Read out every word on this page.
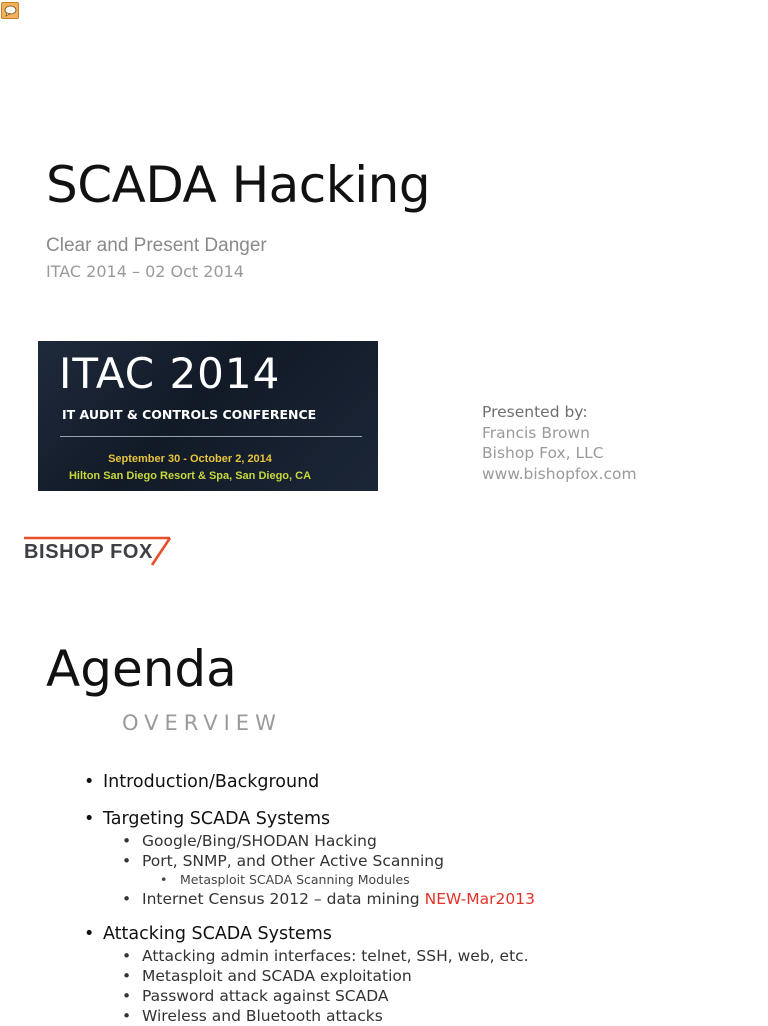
SCADA Hacking

Clear and Present Danger

ITAC 2014 – 02 Oct 2014

ITAC 2014
IT AUDIT & CONTROLS CONFERENCE
September 30 - October 2, 2014
Hilton San Diego Resort & Spa, San Diego, CA
Presented by:
Francis Brown
Bishop Fox, LLC
www.bishopfox.com
BISHOP FOX
Agenda

OVERVIEW

• Introduction/Background
• Targeting SCADA Systems
• Google/Bing/SHODAN Hacking
• Port, SNMP, and Other Active Scanning
• Metasploit SCADA Scanning Modules
• Internet Census 2012 – data mining NEW-Mar2013
• Attacking SCADA Systems
• Attacking admin interfaces: telnet, SSH, web, etc.
• Metasploit and SCADA exploitation
• Password attack against SCADA
• Wireless and Bluetooth attacks
